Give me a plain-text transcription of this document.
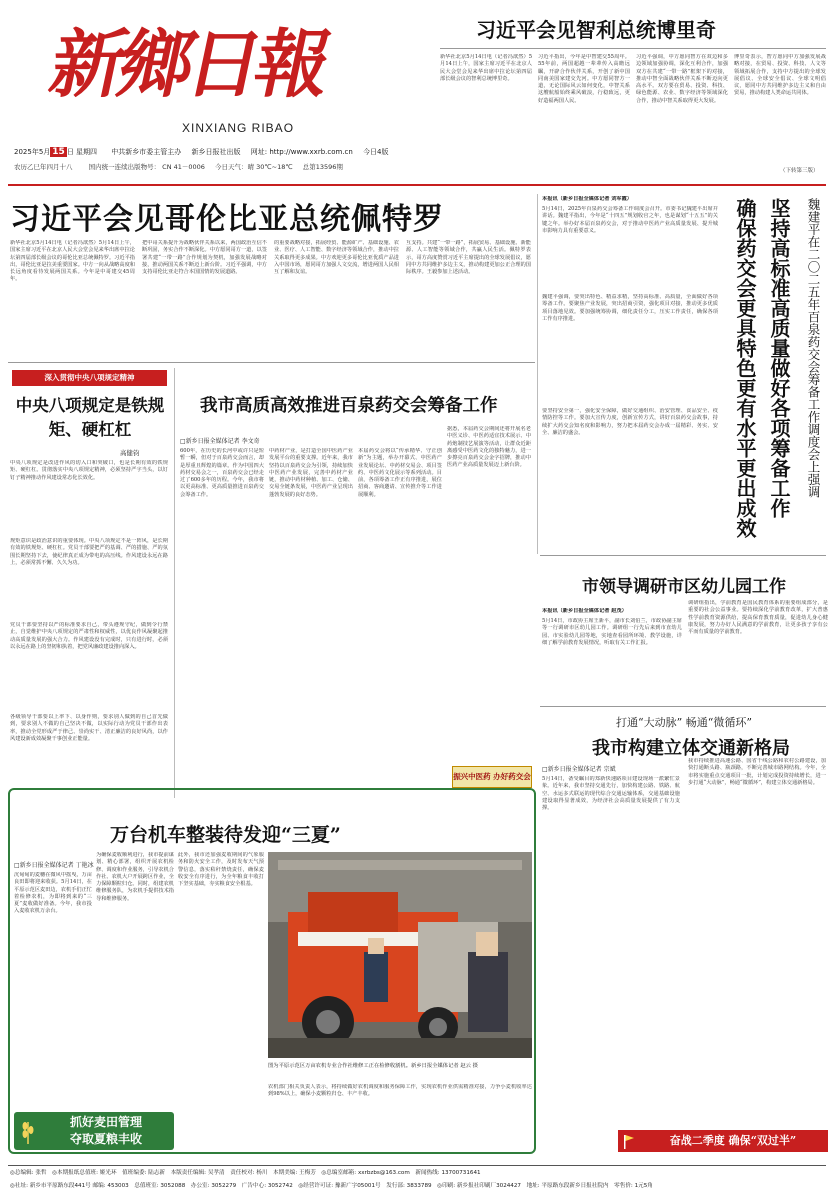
新鄉日報
XINXIANG RIBAO
2025年5月 15 日 星期四 中共新乡市委主管主办 新乡日报社出版 网址: http://www.xxrb.com.cn 今日4版
农历乙巳年四月十八 国内统一连续出版物号： CN 41－0006 今日天气：晴 30℃~18℃ 总第13596期
习近平会见智利总统博里奇
新华社北京5月14日电（记者冯歆然）5月14日上午，国家主席习近平在北京人民大会堂会见来华出席中拉论坛第四届部长级会议的智利总统博里奇。
习近平指出，今年是中智建交55周年。55年前，两国超越一辈辈传入高瞻远瞩，开辟合作伙伴关系，开创了新中国同南美国家建交先河。中方愿同智方一道，无论国际风云如何变化，中智关系这艘航船始终乘风破浪，行稳致远，更好造福两国人民。
习近平强调，中方愿同智方在双边和多边领域加强协调，深化互利合作，加强双方在共建“一带一路”框架下的对接，推动中智全面战略伙伴关系不断迈向更高水平。双方要在贸易、投资、科技、绿色能源、农业、数字经济等领域深化合作，推动中智关系取得更大发展。
博里奇表示，智方愿同中方加强发展战略对接，在贸易、投资、科技、人文等领域拓展合作，支持中方提出的全球发展倡议、全球安全倡议、全球文明倡议，愿同中方共同维护多边主义和自由贸易，推动构建人类命运共同体。
（下转第三版）
习近平会见哥伦比亚总统佩特罗
新华社北京5月14日电（记者冯歆然）5月14日上午，国家主席习近平在北京人民大会堂会见来华出席中拉论坛第四届部长级会议的哥伦比亚总统佩特罗。习近平指出，哥伦比亚是拉美重要国家。中方一向从战略高度和长远角度看待发展两国关系。今年是中哥建交45周年。
把中哥关系提升为战略伙伴关系以来，两国政治互信不断巩固，务实合作不断深化。中方愿同哥方一道，以签署共建“一带一路”合作规划为契机，加强发展战略对接，推动两国关系不断迈上新台阶。习近平强调，中方支持哥伦比亚走符合本国国情的发展道路。
的重要战略对接，拓展经贸、能源矿产、基础设施、农业、医疗、人工智能、数字经济等领域合作，推动中拉关系取得更多成果。中方欢迎更多哥伦比亚优质产品进入中国市场，愿同哥方加强人文交流，增进两国人民相互了解和友谊。
互支持。共建“一带一路”，拓展贸易、基础设施、新能源、人工智能等领域合作，共赢人民生活。佩特罗表示，哥方高度赞赏习近平主席提出的全球发展倡议，愿同中方共同维护多边主义，推动构建更加公正合理的国际秩序。王毅参加上述活动。
本报讯（新乡日报全媒体记者 刘军霞）
5月14日，2025年百泉药交会筹备工作调度会召开。市委书记魏建平出席并讲话。魏建平指出，今年是“十四五”规划收官之年，也是谋划“十五五”的关键之年。举办好本届百泉药交会，对于推动中医药产业高质量发展、提升城市影响力具有重要意义。
魏建平强调，要突出特色、精益求精，坚持高标准、高质量，全面做好各项筹备工作。要聚焦产业发展，突出招商引资，强化项目对接，推动更多优质项目落地见效。要加强统筹协调，细化责任分工，压实工作责任，确保各项工作有序推进。
要坚持安全第一，强化安全保障，做好交通组织、治安管理、食品安全、疫情防控等工作。要加大宣传力度，创新宣传方式，讲好百泉药交会故事，持续扩大药交会知名度和影响力，努力把本届药交会办成一届精彩、务实、安全、廉洁的盛会。	坚持高标准高质量做好各项筹备工作 确保药交会更具特色更有水平更出成效	魏建平在二〇二五年百泉药交会筹备工作调度会上强调
深入贯彻中央八项规定精神
中央八项规定是铁规矩、硬杠杠
高健钧
中央八项规定是改进作风的切入口和突破口，也是长期有效的铁规矩、硬杠杠。贯彻落实中央八项规定精神，必须坚持严字当头，以钉钉子精神推动作风建设常态化长效化。
规矩意识是政治意识的重要体现。中央八项规定不是一阵风，是长期有效的铁规矩、硬杠杠。党员干部要把严的基调、严的措施、严的氛围长期坚持下去，使纪律真正成为带电的高压线。作风建设永远在路上，必须常抓不懈、久久为功。
党员干部要坚持以严的标准要求自己，带头遵规守纪，做到令行禁止，自觉维护中央八项规定的严肃性和权威性，以优良作风凝聚起推动高质量发展的强大合力。作风建设没有完成时，只有进行时，必须以永远在路上的坚韧和执着，把党风廉政建设推向深入。
各级领导干部要以上率下、以身作则，要求别人做到的自己首先做到，要求别人不做的自己坚决不做，以实际行动为党员干部作出表率，推动全党形成严于律己、崇尚实干、清正廉洁的良好风尚，以作风建设新成效凝聚干事创业正能量。
我市高质高效推进百泉药交会筹备工作
□新乡日报全媒体记者 李文奇
600年，在历史的长河中或许只是短暂一瞬，但对于百泉药交会而言，却是厚重且辉煌的篇章。作为中国四大药材交易会之一，百泉药交会已经走过了600多年的历程。今年，我市将以更高标准、更高质量推进百泉药交会筹备工作。
中药材产业，是打造全国中医药产业发展平台的重要支撑。近年来，我市坚持以百泉药交会为引领，持续加快中医药产业发展，完善中药材产业链，推动中药材种植、加工、仓储、交易全链条发展，中医药产业呈现出蓬勃发展的良好态势。
本届药交会将以“传承精华、守正创新”为主题，举办开幕式、中医药产业发展论坛、中药材交易会、项目签约、中医药文化展示等系列活动。目前，各项筹备工作正有序推进，展位招商、客商邀请、宣传推介等工作进展顺利。
据悉，本届药交会期间还将开展名老中医义诊、中医药适宜技术展示、中药炮制技艺展演等活动，让群众近距离感受中医药文化的独特魅力，进一步擦亮百泉药交会金字招牌，推动中医药产业高质量发展迈上新台阶。
振兴中医药 办好药交会
市领导调研市区幼儿园工作
本报讯（新乡日报全媒体记者 赵茂）
5月14日，市政协主席王新平，副市长刘伯兰，市政协副主席等一行调研市区幼儿园工作。调研组一行先后来到市直幼儿园、市实验幼儿园等地，实地查看园所环境、教学设施，详细了解学前教育发展情况，听取有关工作汇报。
调研组指出，学前教育是国民教育体系的重要组成部分，是重要的社会公益事业。要持续深化学前教育改革，扩大普惠性学前教育资源供给，提高保育教育质量，促进幼儿身心健康发展，努力办好人民满意的学前教育，让更多孩子享有公平而有质量的学前教育。
打通“大动脉” 畅通“微循环”
我市构建立体交通新格局
□新乡日报全媒体记者 宗斌
5月14日，备受瞩目的郑新快速路项目建设现场一派繁忙景象。近年来，我市坚持交通先行，加快构建公路、铁路、航空、水运多式联运的现代综合交通运输体系，交通基础设施建设取得显著成效，为经济社会高质量发展提供了有力支撑。
我市持续推进高速公路、国省干线公路和农村公路建设，加快打通断头路、瓶颈路，不断完善城市路网结构。今年，全市将实施重点交通项目一批，计划完成投资持续增长，进一步打通“大动脉”，畅通“微循环”，构建立体交通新格局。
奋战二季度 确保“双过半”
万台机车整装待发迎“三夏”
□新乡日报全媒体记者 丁艳冰
沉甸甸的麦穗在微风中摇曳，万亩良田即将迎来收获。5月14日，在平原示范区麦田边，农机手们正忙着检修农机，为即将到来的“三夏”麦收做好准备。今年，我市投入麦收农机万余台。
为确保麦收顺利进行，我市提前谋划、精心部署，组织开展农机检修、调度和作业服务，引导农机合作社、农机大户开展跨区作业，全力保障颗粒归仓。同时，组建农机维修服务队，为农机手提供技术指导和维修服务。
此外，我市还加强麦收期间的气象服务和防火安全工作，及时发布天气预警信息，落实秸秆禁烧责任，确保麦收安全有序进行，为全年粮食丰收打下坚实基础，夯实粮食安全根基。
图为平原示范区万亩农机专业合作社维修工正在检修收割机。新乡日报全媒体记者 赵云 摄
农机部门相关负责人表示，将持续做好农机调度和服务保障工作，实现农机作业供需精准对接，力争小麦机收率达到98%以上，确保小麦颗粒归仓、丰产丰收。
抓好麦田管理
夺取夏粮丰收
◎总编辑: 张哲　◎本期报纸总值班: 姬光环　值班编委: 陆志新　本版责任编辑: 吴孝清　责任校对: 杨川　本期美编: 王梅芳　◎总编室邮箱: xxrbzbs@163.com　新闻热线: 13700731641
◎社址: 新乡市平原路东段441号 邮编: 453003　总值班室: 3052088　办公室: 3052279　广告中心: 3052742　◎经营许可证: 豫新广字05001号　发行部: 3833789　◎印刷: 新乡报社印刷厂3024427　地址: 平原路东段新乡日报社院内　零售价: 1元5角
